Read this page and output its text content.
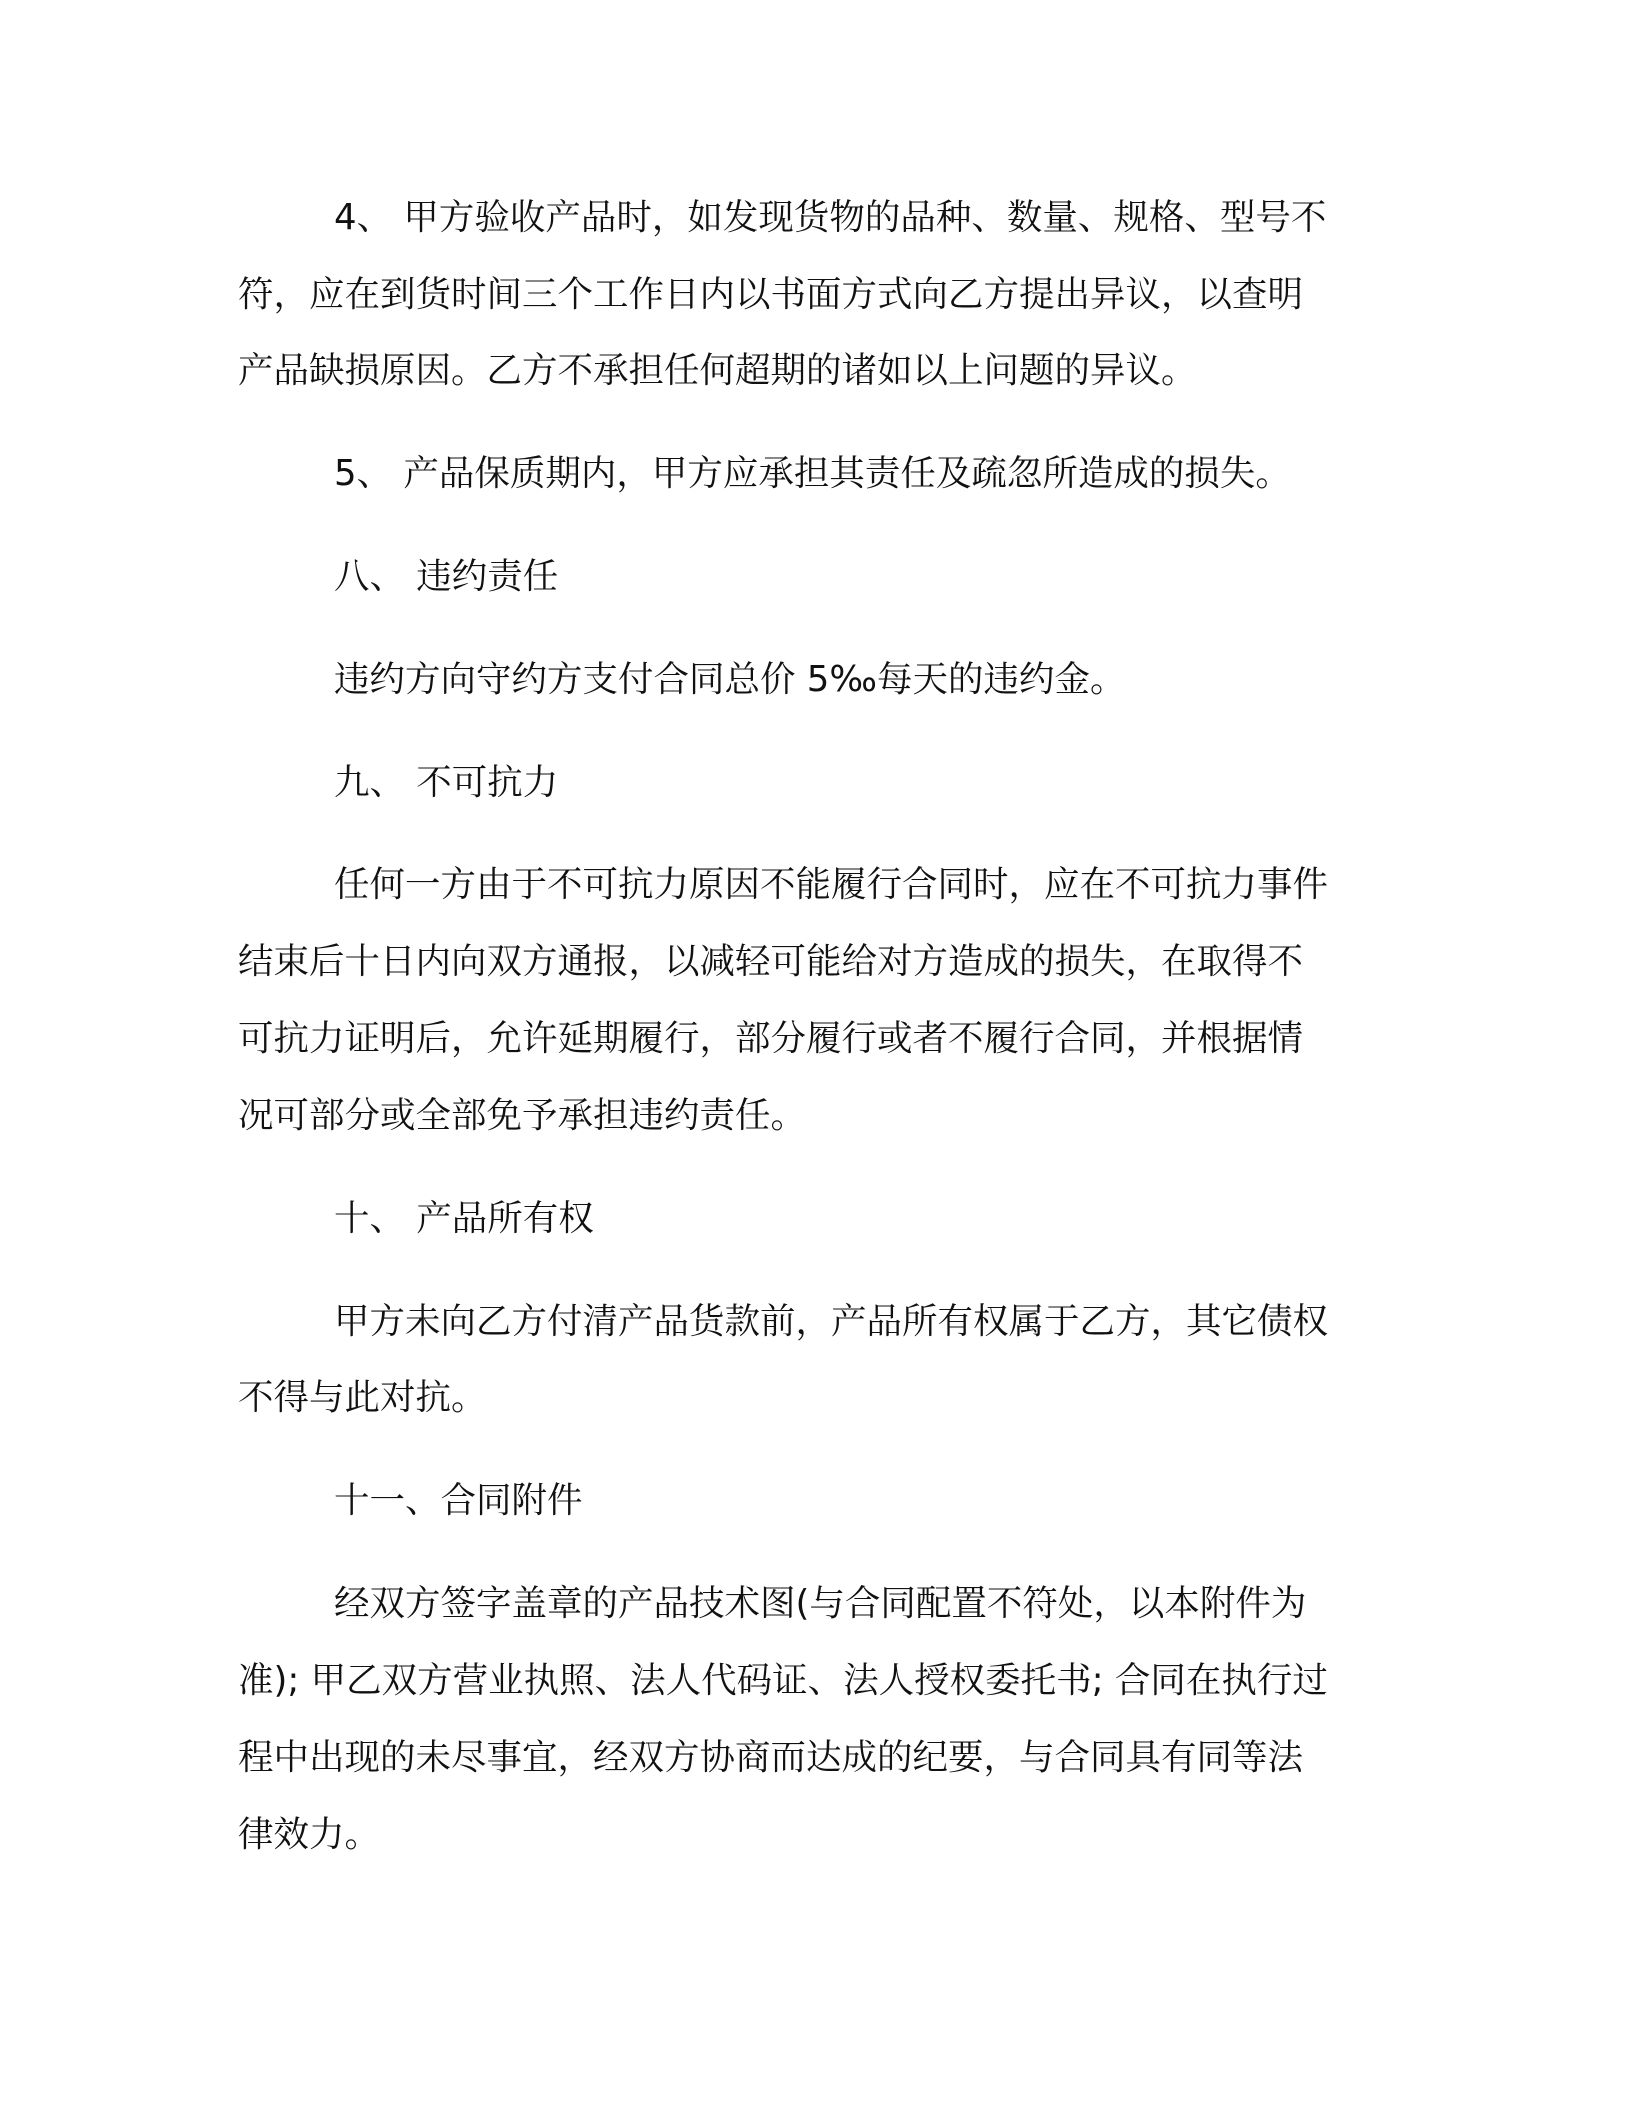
4、 甲方验收产品时，如发现货物的品种、数量、规格、型号不
符，应在到货时间三个工作日内以书面方式向乙方提出异议，以查明
产品缺损原因。乙方不承担任何超期的诸如以上问题的异议。
5、 产品保质期内，甲方应承担其责任及疏忽所造成的损失。
八、 违约责任
违约方向守约方支付合同总价 5‰每天的违约金。
九、 不可抗力
任何一方由于不可抗力原因不能履行合同时，应在不可抗力事件
结束后十日内向双方通报，以减轻可能给对方造成的损失，在取得不
可抗力证明后，允许延期履行，部分履行或者不履行合同，并根据情
况可部分或全部免予承担违约责任。
十、 产品所有权
甲方未向乙方付清产品货款前，产品所有权属于乙方，其它债权
不得与此对抗。
十一、合同附件
经双方签字盖章的产品技术图(与合同配置不符处，以本附件为
准); 甲乙双方营业执照、法人代码证、法人授权委托书; 合同在执行过
程中出现的未尽事宜，经双方协商而达成的纪要，与合同具有同等法
律效力。
